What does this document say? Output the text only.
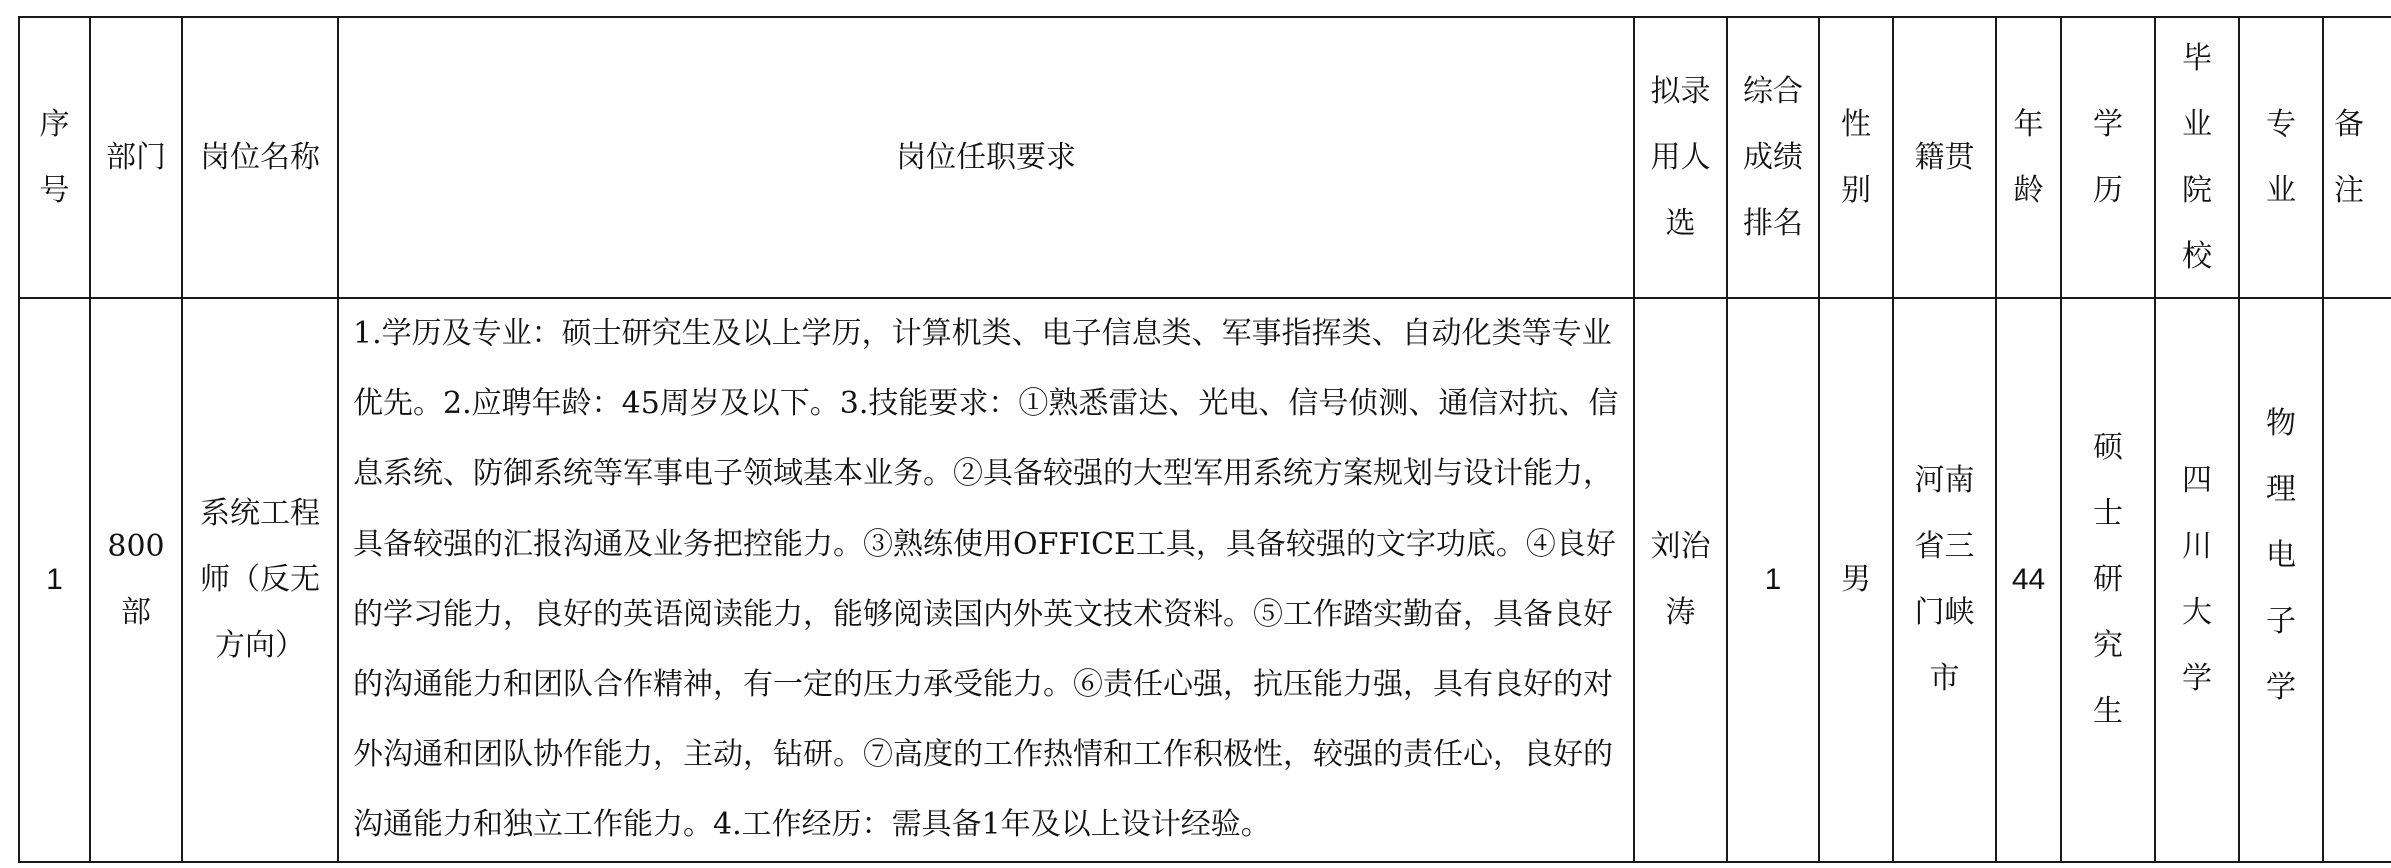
序号	部门	岗位名称	岗位任职要求	拟录用人选	综合成绩排名	性别	籍贯	年龄	学历	毕业院校	专业	备注
1	800部	系统工程师（反无方向）	1.学历及专业：硕士研究生及以上学历，计算机类、电子信息类、军事指挥类、自动化类等专业优先。2.应聘年龄：45周岁及以下。3.技能要求：①熟悉雷达、光电、信号侦测、通信对抗、信息系统、防御系统等军事电子领域基本业务。②具备较强的大型军用系统方案规划与设计能力，具备较强的汇报沟通及业务把控能力。③熟练使用OFFICE工具，具备较强的文字功底。④良好的学习能力，良好的英语阅读能力，能够阅读国内外英文技术资料。⑤工作踏实勤奋，具备良好的沟通能力和团队合作精神，有一定的压力承受能力。⑥责任心强，抗压能力强，具有良好的对外沟通和团队协作能力，主动，钻研。⑦高度的工作热情和工作积极性，较强的责任心，良好的沟通能力和独立工作能力。4.工作经历：需具备1年及以上设计经验。	刘治涛	1	男	河南省三门峡市	44	硕士研究生	四川大学	物理电子学	
